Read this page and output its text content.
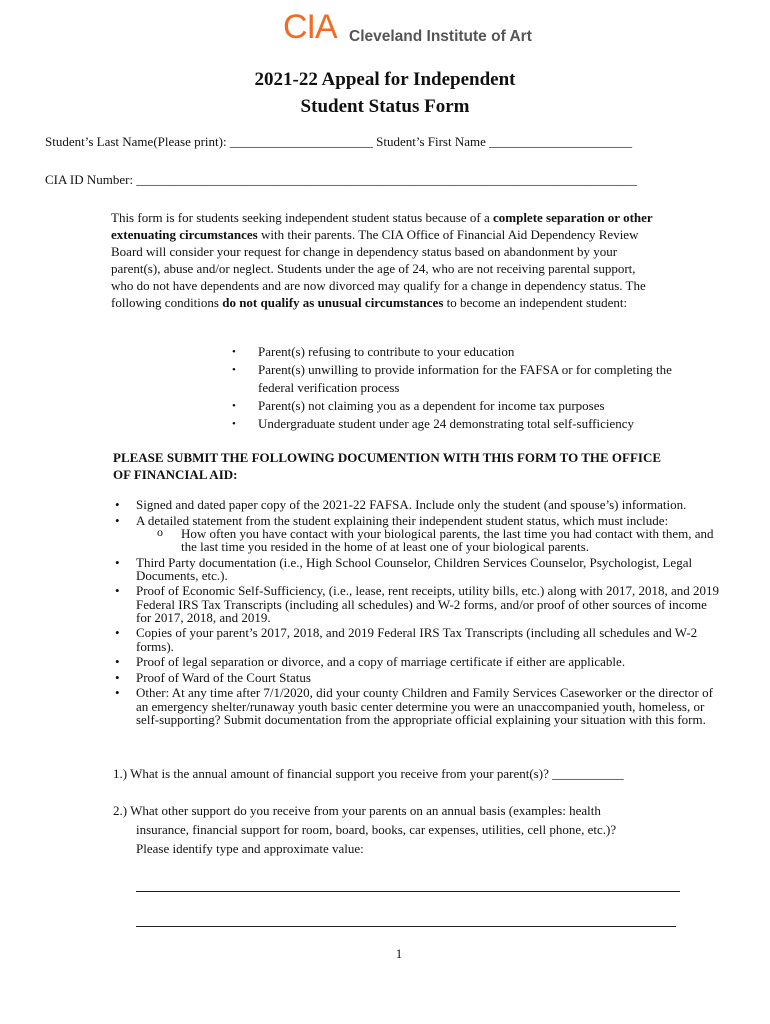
CIA Cleveland Institute of Art
2021-22 Appeal for Independent
Student Status Form
Student’s Last Name(Please print): ______________________ Student’s First Name ______________________
CIA ID Number: _____________________________________________________________________________
This form is for students seeking independent student status because of a complete separation or other extenuating circumstances with their parents. The CIA Office of Financial Aid Dependency Review Board will consider your request for change in dependency status based on abandonment by your parent(s), abuse and/or neglect. Students under the age of 24, who are not receiving parental support, who do not have dependents and are now divorced may qualify for a change in dependency status. The following conditions do not qualify as unusual circumstances to become an independent student:
• Parent(s) refusing to contribute to your education
• Parent(s) unwilling to provide information for the FAFSA or for completing the federal verification process
• Parent(s) not claiming you as a dependent for income tax purposes
• Undergraduate student under age 24 demonstrating total self-sufficiency
PLEASE SUBMIT THE FOLLOWING DOCUMENTION WITH THIS FORM TO THE OFFICE OF FINANCIAL AID:
• Signed and dated paper copy of the 2021-22 FAFSA. Include only the student (and spouse’s) information.
• A detailed statement from the student explaining their independent student status, which must include:
o How often you have contact with your biological parents, the last time you had contact with them, and the last time you resided in the home of at least one of your biological parents.
• Third Party documentation (i.e., High School Counselor, Children Services Counselor, Psychologist, Legal Documents, etc.).
• Proof of Economic Self-Sufficiency, (i.e., lease, rent receipts, utility bills, etc.) along with 2017, 2018, and 2019 Federal IRS Tax Transcripts (including all schedules) and W-2 forms, and/or proof of other sources of income for 2017, 2018, and 2019.
• Copies of your parent’s 2017, 2018, and 2019 Federal IRS Tax Transcripts (including all schedules and W-2 forms).
• Proof of legal separation or divorce, and a copy of marriage certificate if either are applicable.
• Proof of Ward of the Court Status
• Other: At any time after 7/1/2020, did your county Children and Family Services Caseworker or the director of an emergency shelter/runaway youth basic center determine you were an unaccompanied youth, homeless, or self-supporting? Submit documentation from the appropriate official explaining your situation with this form.
1.) What is the annual amount of financial support you receive from your parent(s)? ___________
2.) What other support do you receive from your parents on an annual basis (examples: health
insurance, financial support for room, board, books, car expenses, utilities, cell phone, etc.)?
Please identify type and approximate value:
1
